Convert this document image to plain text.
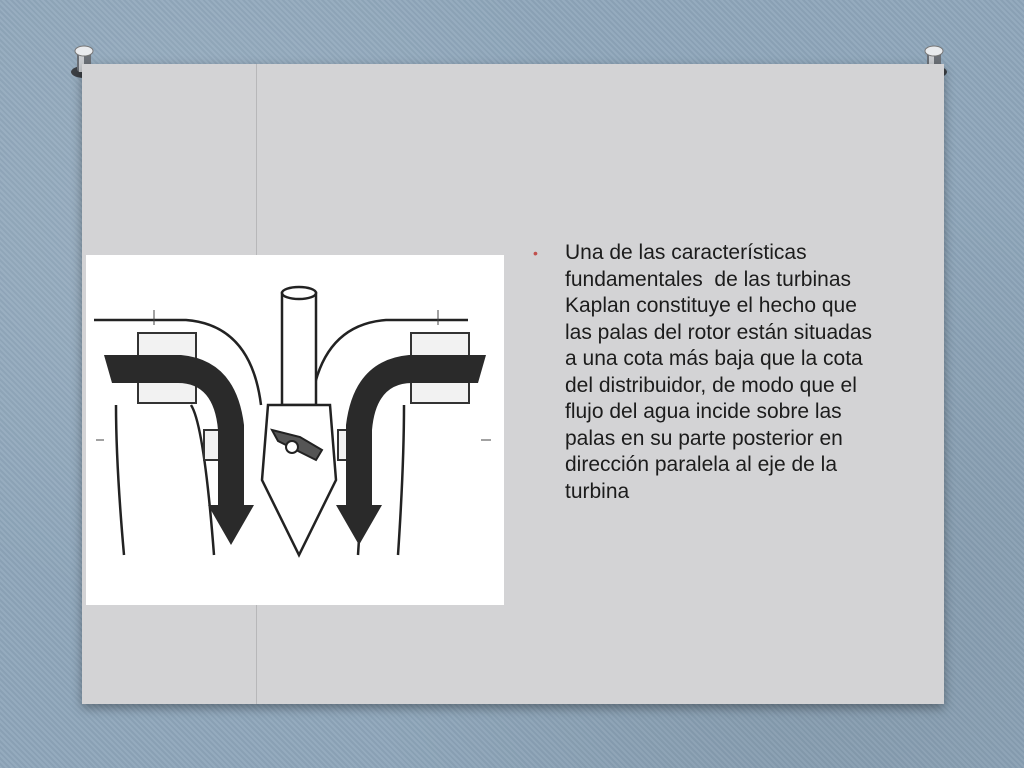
•	Una de las características fundamentales  de las turbinas Kaplan constituye el hecho que las palas del rotor están situadas a una cota más baja que la cota del distribuidor, de modo que el flujo del agua incide sobre las palas en su parte posterior en dirección paralela al eje de la turbina
